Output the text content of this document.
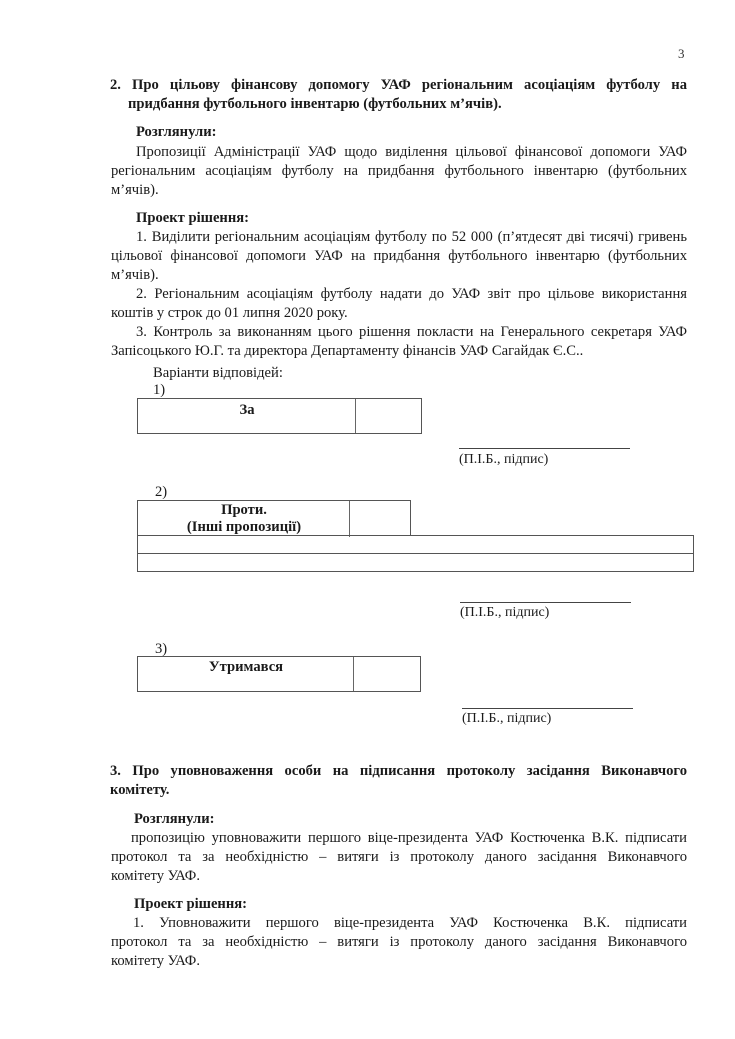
3
2. Про цільову фінансову допомогу УАФ регіональним асоціаціям футболу на
придбання футбольного інвентарю (футбольних м’ячів).
Розглянули:
Пропозиції Адміністрації УАФ щодо виділення цільової фінансової допомоги УАФ
регіональним асоціаціям футболу на придбання футбольного інвентарю (футбольних
м’ячів).
Проект рішення:
1. Виділити регіональним асоціаціям футболу по 52 000 (п’ятдесят дві тисячі) гривень
цільової фінансової допомоги УАФ на придбання футбольного інвентарю (футбольних
м’ячів).
2. Регіональним асоціаціям футболу надати до УАФ звіт про цільове використання
коштів у строк до 01 липня 2020 року.
3. Контроль за виконанням цього рішення покласти на Генерального секретаря УАФ
Запісоцького Ю.Г. та директора Департаменту фінансів УАФ Сагайдак Є.С..
Варіанти відповідей:
1)
За
(П.І.Б., підпис)
2)
Проти.
(Інші пропозиції)
(П.І.Б., підпис)
3)
Утримався
(П.І.Б., підпис)
3. Про уповноваження особи на підписання протоколу засідання Виконавчого
комітету.
Розглянули:
пропозицію уповноважити першого віце-президента УАФ Костюченка В.К. підписати
протокол та за необхідністю – витяги із протоколу даного засідання Виконавчого
комітету УАФ.
Проект рішення:
1. Уповноважити першого віце-президента УАФ Костюченка В.К. підписати
протокол та за необхідністю – витяги із протоколу даного засідання Виконавчого
комітету УАФ.
